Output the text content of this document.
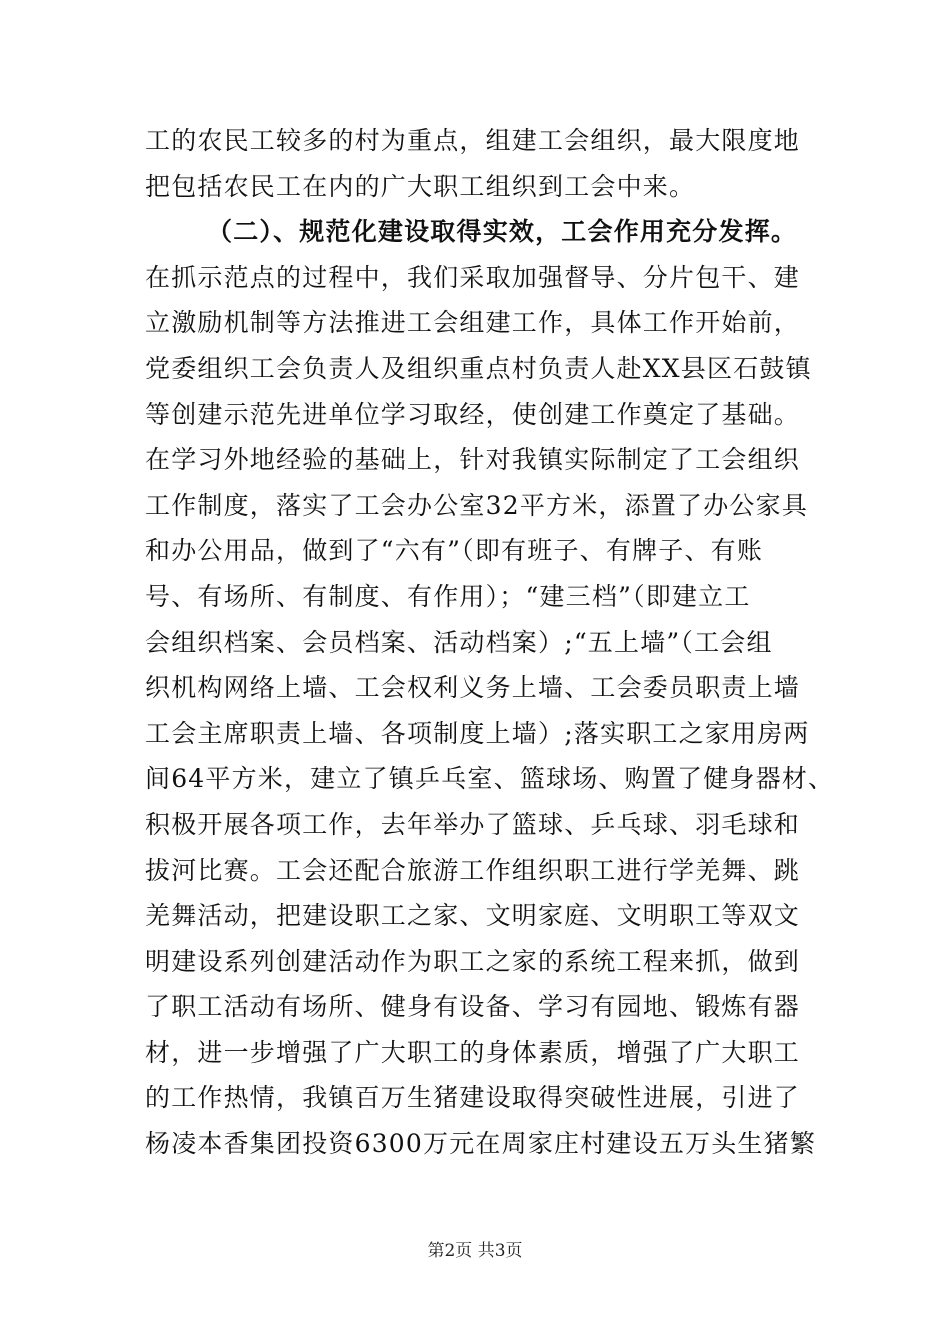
工的农民工较多的村为重点，组建工会组织，最大限度地
把包括农民工在内的广大职工组织到工会中来。
（二）、规范化建设取得实效，工会作用充分发挥。
在抓示范点的过程中，我们采取加强督导、分片包干、建
立激励机制等方法推进工会组建工作，具体工作开始前，
党委组织工会负责人及组织重点村负责人赴XX县区石鼓镇
等创建示范先进单位学习取经，使创建工作奠定了基础。
在学习外地经验的基础上，针对我镇实际制定了工会组织
工作制度，落实了工会办公室32平方米，添置了办公家具
和办公用品，做到了“六有”（即有班子、有牌子、有账
号、有场所、有制度、有作用）；“建三档”（即建立工
会组织档案、会员档案、活动档案）;“五上墙”（工会组
织机构网络上墙、工会权利义务上墙、工会委员职责上墙
工会主席职责上墙、各项制度上墙）;落实职工之家用房两
间64平方米，建立了镇乒乓室、篮球场、购置了健身器材、
积极开展各项工作，去年举办了篮球、乒乓球、羽毛球和
拔河比赛。工会还配合旅游工作组织职工进行学羌舞、跳
羌舞活动，把建设职工之家、文明家庭、文明职工等双文
明建设系列创建活动作为职工之家的系统工程来抓，做到
了职工活动有场所、健身有设备、学习有园地、锻炼有器
材，进一步增强了广大职工的身体素质，增强了广大职工
的工作热情，我镇百万生猪建设取得突破性进展，引进了
杨凌本香集团投资6300万元在周家庄村建设五万头生猪繁
第2页 共3页
